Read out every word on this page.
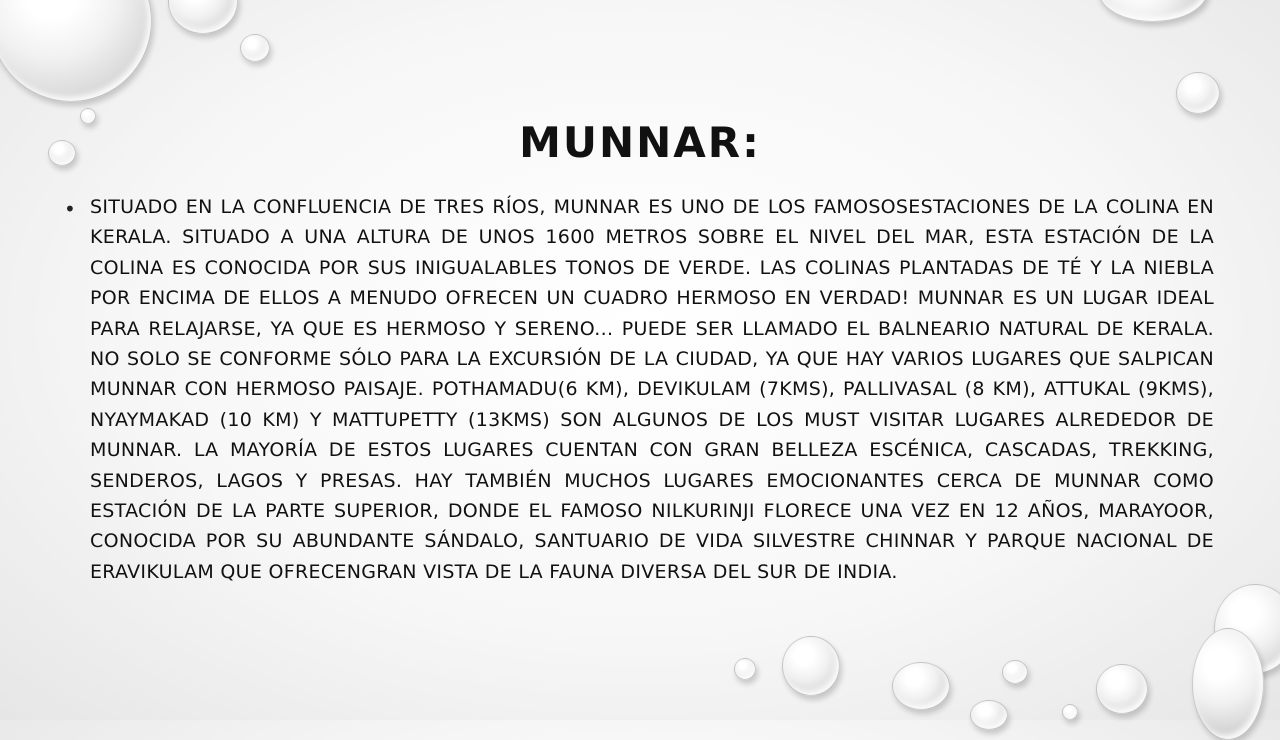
MUNNAR:
• SITUADO EN LA CONFLUENCIA DE TRES RÍOS, MUNNAR ES UNO DE LOS FAMOSOSESTACIONES DE LA COLINA EN KERALA. SITUADO A UNA ALTURA DE UNOS 1600 METROS SOBRE EL NIVEL DEL MAR, ESTA ESTACIÓN DE LA COLINA ES CONOCIDA POR SUS INIGUALABLES TONOS DE VERDE. LAS COLINAS PLANTADAS DE TÉ Y LA NIEBLA POR ENCIMA DE ELLOS A MENUDO OFRECEN UN CUADRO HERMOSO EN VERDAD! MUNNAR ES UN LUGAR IDEAL PARA RELAJARSE, YA QUE ES HERMOSO Y SERENO... PUEDE SER LLAMADO EL BALNEARIO NATURAL DE KERALA. NO SOLO SE CONFORME SÓLO PARA LA EXCURSIÓN DE LA CIUDAD, YA QUE HAY VARIOS LUGARES QUE SALPICAN MUNNAR CON HERMOSO PAISAJE. POTHAMADU(6 KM), DEVIKULAM (7KMS), PALLIVASAL (8 KM), ATTUKAL (9KMS), NYAYMAKAD (10 KM) Y MATTUPETTY (13KMS) SON ALGUNOS DE LOS MUST VISITAR LUGARES ALREDEDOR DE MUNNAR. LA MAYORÍA DE ESTOS LUGARES CUENTAN CON GRAN BELLEZA ESCÉNICA, CASCADAS, TREKKING, SENDEROS, LAGOS Y PRESAS. HAY TAMBIÉN MUCHOS LUGARES EMOCIONANTES CERCA DE MUNNAR COMO ESTACIÓN DE LA PARTE SUPERIOR, DONDE EL FAMOSO NILKURINJI FLORECE UNA VEZ EN 12 AÑOS, MARAYOOR, CONOCIDA POR SU ABUNDANTE SÁNDALO, SANTUARIO DE VIDA SILVESTRE CHINNAR Y PARQUE NACIONAL DE ERAVIKULAM QUE OFRECENGRAN VISTA DE LA FAUNA DIVERSA DEL SUR DE INDIA.
